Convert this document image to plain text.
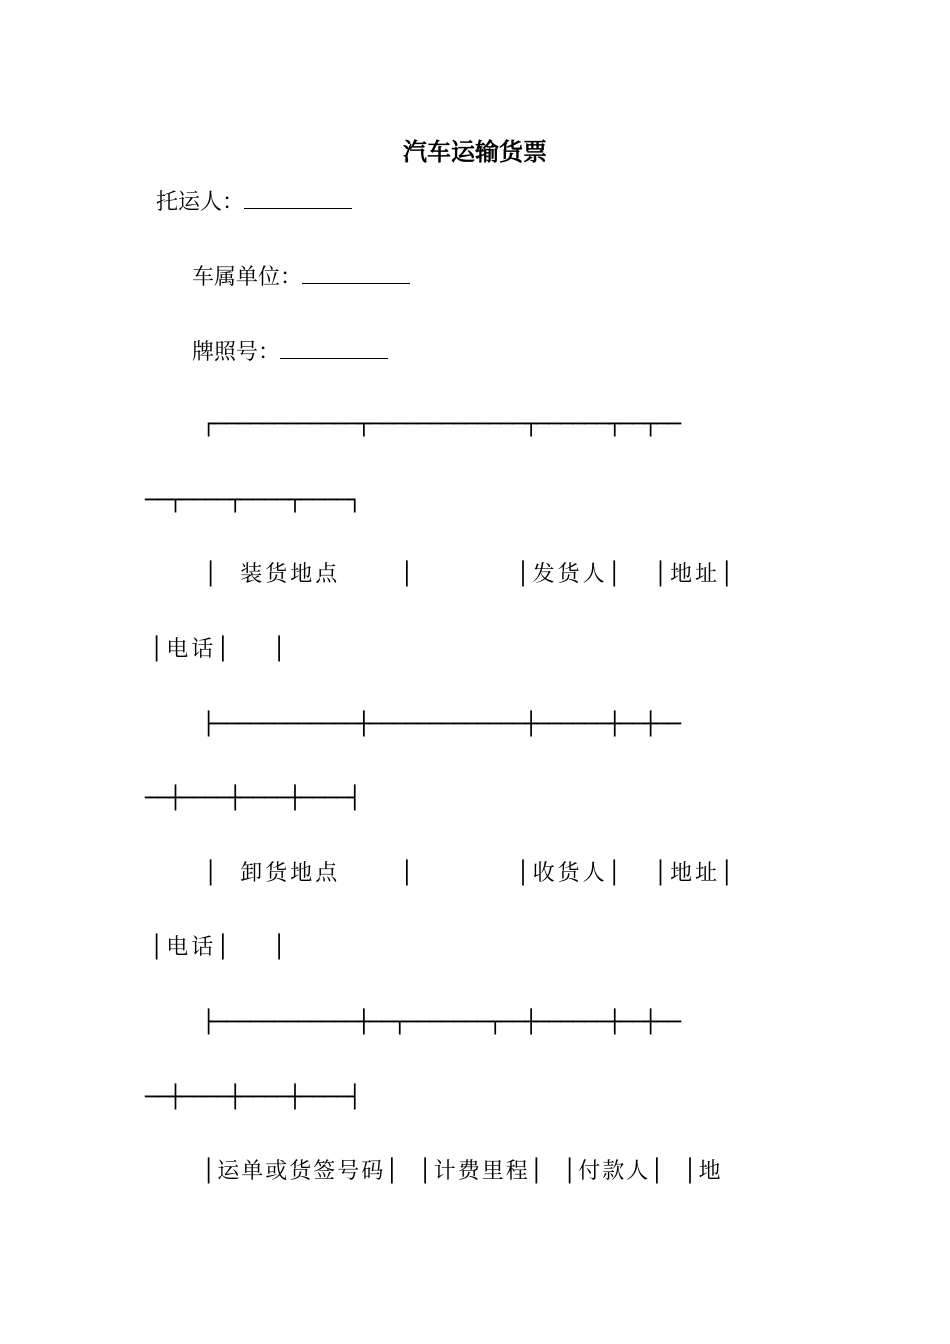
汽车运输货票
托运人：
车属单位：
牌照号：
┌────────────┬─────────────┬──────┬──┬──
──┬────┬────┬────┐
│  装货地点      │          │发货人│   │地址│
│电话│    │
├────────────┼─────────────┼──────┼──┼──
──┼────┼────┼────┤
│  卸货地点      │          │收货人│   │地址│
│电话│    │
├────────────┼──┬───────┬──┼──────┼──┼──
──┼────┼────┼────┤
│运单或货签号码│  │计费里程│  │付款人│  │地
